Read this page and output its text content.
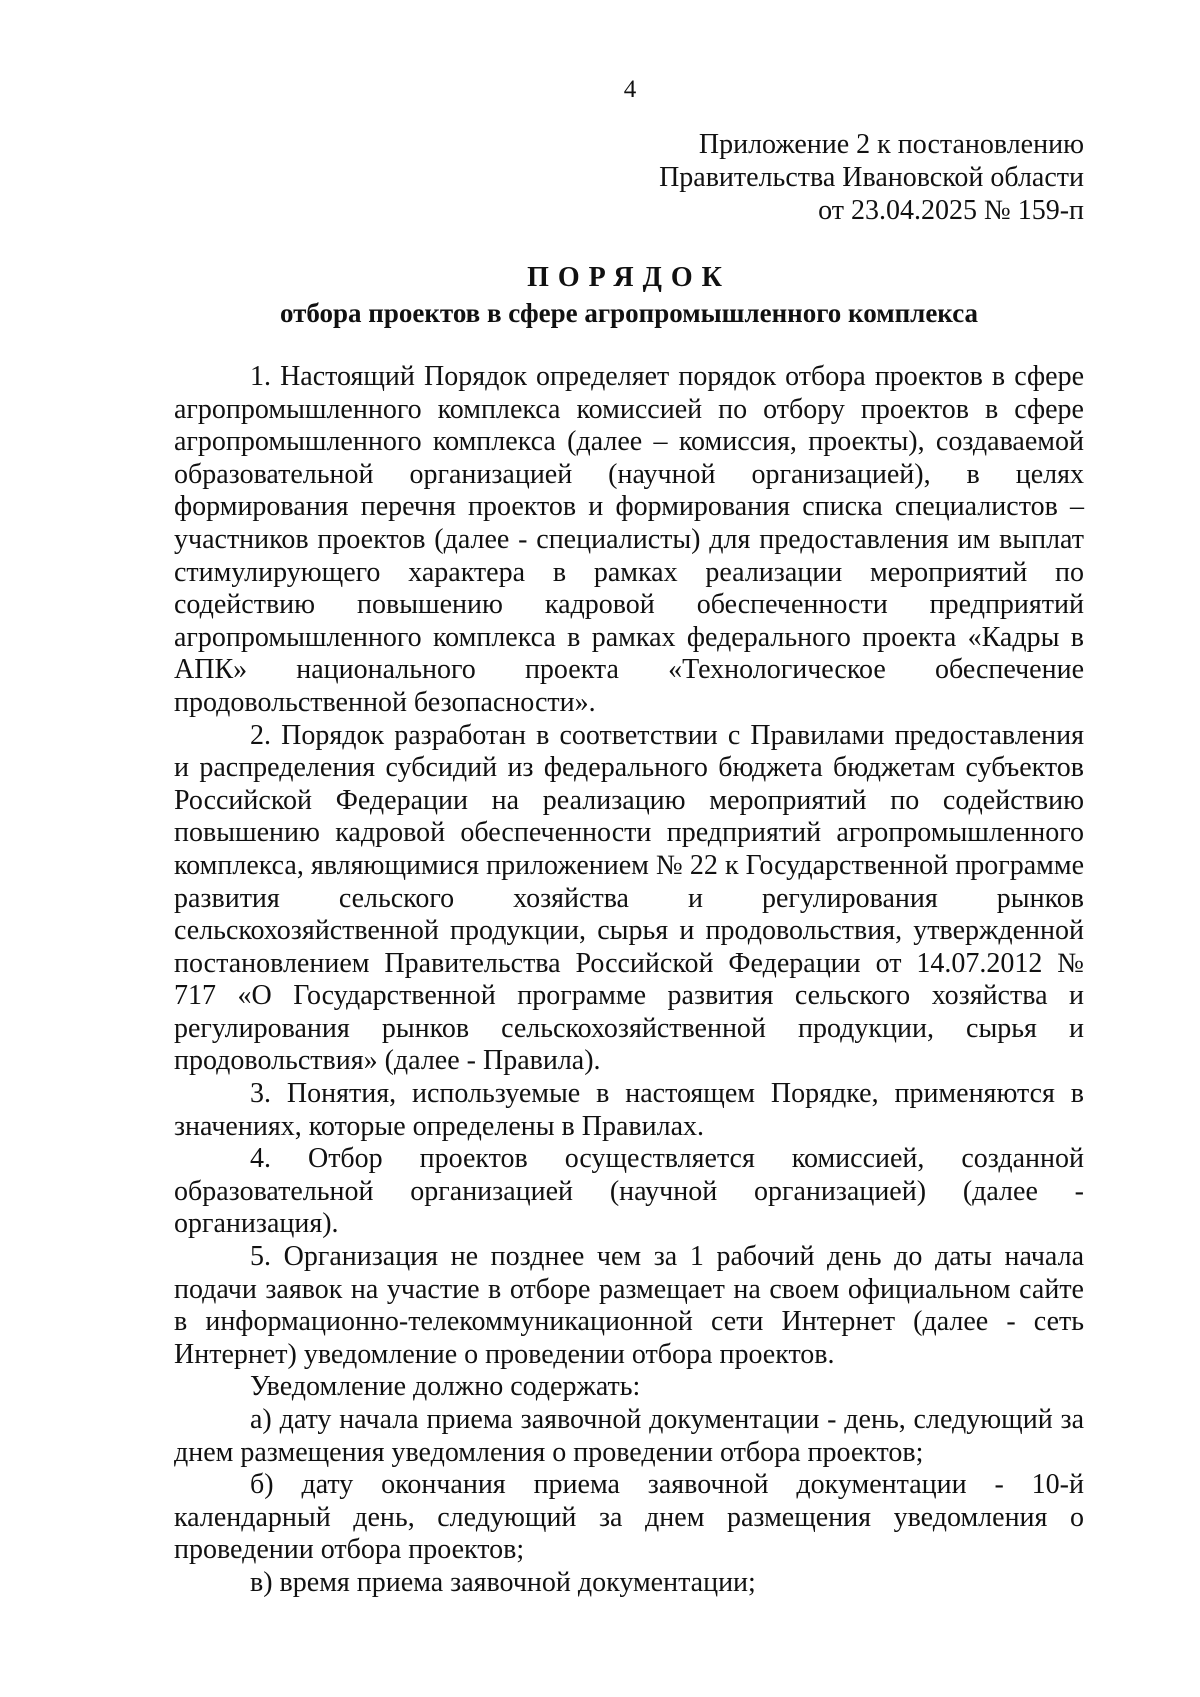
4
Приложение 2 к постановлению
Правительства Ивановской области
от 23.04.2025 № 159-п
ПОРЯДОК
отбора проектов в сфере агропромышленного комплекса

1. Настоящий Порядок определяет порядок отбора проектов в сфере агропромышленного комплекса комиссией по отбору проектов в сфере агропромышленного комплекса (далее – комиссия, проекты), создаваемой образовательной организацией (научной организацией), в целях формирования перечня проектов и формирования списка специалистов – участников проектов (далее - специалисты) для предоставления им выплат стимулирующего характера в рамках реализации мероприятий по содействию повышению кадровой обеспеченности предприятий агропромышленного комплекса в рамках федерального проекта «Кадры в АПК» национального проекта «Технологическое обеспечение продовольственной безопасности».

2. Порядок разработан в соответствии с Правилами предоставления и распределения субсидий из федерального бюджета бюджетам субъектов Российской Федерации на реализацию мероприятий по содействию повышению кадровой обеспеченности предприятий агропромышленного комплекса, являющимися приложением № 22 к Государственной программе развития сельского хозяйства и регулирования рынков сельскохозяйственной продукции, сырья и продовольствия, утвержденной постановлением Правительства Российской Федерации от 14.07.2012 № 717 «О Государственной программе развития сельского хозяйства и регулирования рынков сельскохозяйственной продукции, сырья и продовольствия» (далее - Правила).

3. Понятия, используемые в настоящем Порядке, применяются в значениях, которые определены в Правилах.

4. Отбор проектов осуществляется комиссией, созданной образовательной организацией (научной организацией) (далее - организация).

5. Организация не позднее чем за 1 рабочий день до даты начала подачи заявок на участие в отборе размещает на своем официальном сайте в информационно-телекоммуникационной сети Интернет (далее - сеть Интернет) уведомление о проведении отбора проектов.

Уведомление должно содержать:

а) дату начала приема заявочной документации - день, следующий за днем размещения уведомления о проведении отбора проектов;

б) дату окончания приема заявочной документации - 10-й календарный день, следующий за днем размещения уведомления о проведении отбора проектов;

в) время приема заявочной документации;
